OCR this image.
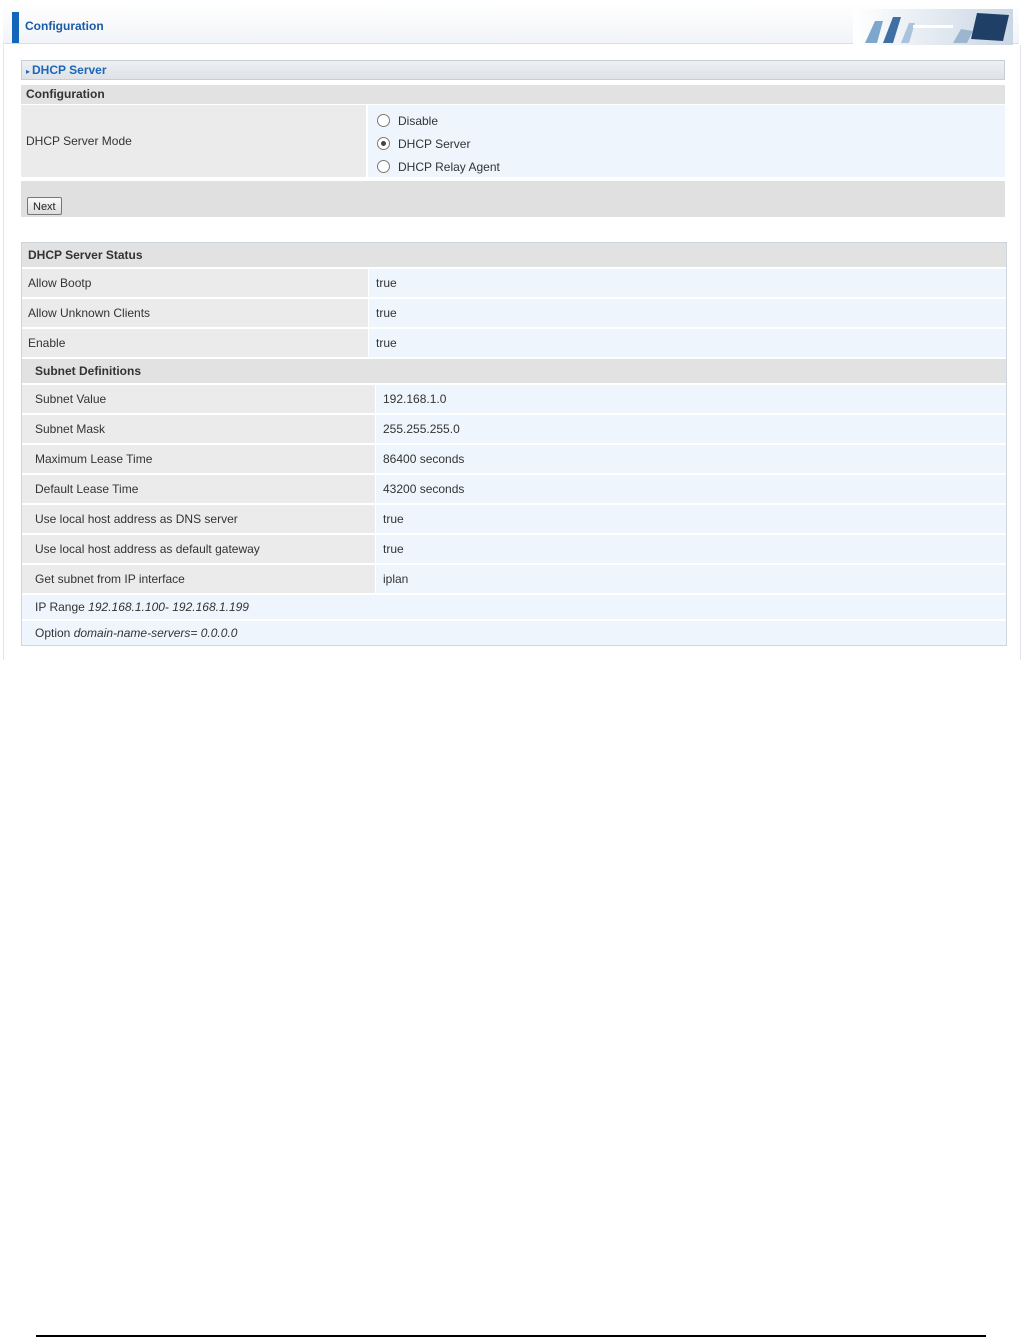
Configuration
▸ DHCP Server
Configuration
DHCP Server Mode
Disable
DHCP Server
DHCP Relay Agent
Next
DHCP Server Status
Allow Bootp	true
Allow Unknown Clients	true
Enable	true
Subnet Definitions
Subnet Value	192.168.1.0
Subnet Mask	255.255.255.0
Maximum Lease Time	86400 seconds
Default Lease Time	43200 seconds
Use local host address as DNS server	true
Use local host address as default gateway	true
Get subnet from IP interface	iplan
IP Range 192.168.1.100- 192.168.1.199
Option domain-name-servers= 0.0.0.0
